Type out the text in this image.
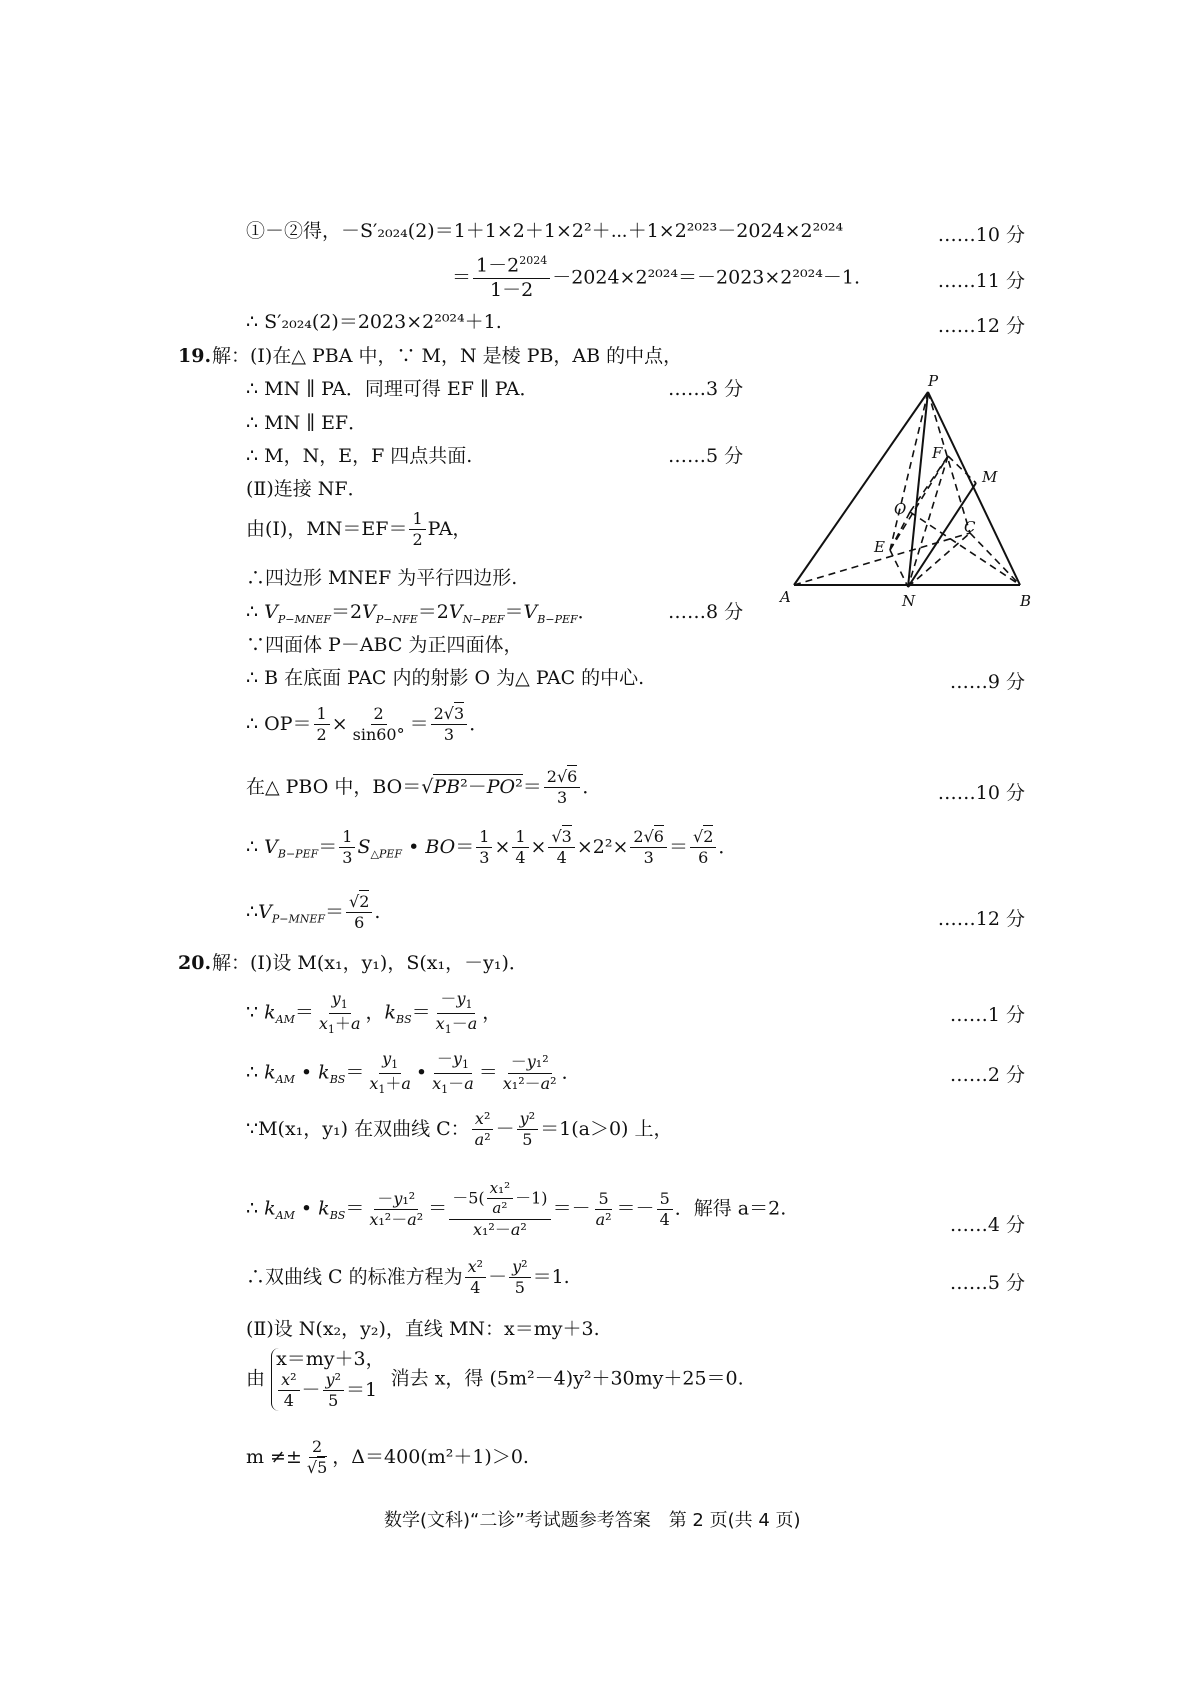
①－②得，－S′₂₀₂₄(2)＝1＋1×2＋1×2²＋⋯＋1×2²⁰²³－2024×2²⁰²⁴	……10 分
＝ $\frac{1-2^{2024}}{1-2} -2024\times 2^{2024}=-2023\times 2^{2024}-1$.	……11 分
∴ S′₂₀₂₄(2)＝2023×2²⁰²⁴＋1.	……12 分
19. 解：(Ⅰ)在△ PBA 中，∵ M，N 是棱 PB，AB 的中点，
∴ MN ∥ PA．同理可得 EF ∥ PA．	……3 分
∴ MN ∥ EF．
∴ M，N，E，F 四点共面.	……5 分
(Ⅱ)连接 NF．
由(Ⅰ)，$MN=EF= \frac{1}{2}$ PA，
∴四边形 MNEF 为平行四边形.
∴ $V_{P-MNEF}=2V_{P-NFE}=2V_{N-PEF}=V_{B-PEF}$．	……8 分
∵四面体 P－ABC 为正四面体，
∴ B 在底面 PAC 内的射影 O 为△ PAC 的中心.	……9 分
∴ $OP= \frac{1}{2} \times \frac{2}{\sin 60^\circ} = \frac{2√3}{3}$ ．
在△ PBO 中，$BO=√PB^2-PO^2= \frac{2√6}{3}$ ．	……10 分
∴ $V_{B-PEF}= \frac{1}{3} S_{\triangle PEF}$ • $BO= \frac{1}{3} \times \frac{1}{4} \times \frac{√3}{4} \times 2^2\times \frac{2√6}{3} = \frac{√2}{6}$ ．
$\therefore V_{P-MNEF}= \frac{√2}{6}$ .	……12 分
P
F
M
O
C
E
A	N	B
20. 解：(Ⅰ)设 M(x₁，y₁)，S(x₁，－y₁)．
∵ $k_{AM}= \frac{y_1}{x_1+a}$ ，$k_{BS}= \frac{-y_1}{x_1-a}$ ，	……1 分
∴ $k_{AM}$ • $k_{BS}= \frac{y_1}{x_1+a}$ • $\frac{-y_1}{x_1-a} = \frac{\text{－y₁²}}{\text{x₁²－a²}}$ ．	……2 分
∵M(x₁，y₁) 在双曲线 C： $\frac{\text{x²}}{\text{a²}} - \frac{\text{y²}}{5} =1(a>0)$ 上，
∴ $k_{AM}$ • $k_{BS}= \frac{\text{－y₁²}}{\text{x₁²－a²}} = \frac{-5( \frac{\text{x₁²}}{\text{a²}} -1)}{\text{x₁²－a²}} =- \frac{5}{\text{a²}} =- \frac{5}{4}$ ．解得 a＝2.
……4 分
∴双曲线 C 的标准方程为 $\frac{\text{x²}}{4} - \frac{\text{y²}}{5} =1$.	……5 分
(Ⅱ)设 N(x₂，y₂)，直线 MN：x＝my＋3.
由
x＝my＋3，
$\frac{\text{x²}}{4} - \frac{\text{y²}}{5} =1$
消去 x，得 (5m²－4)y²＋30my＋25＝0.
$m \ne\pm \frac{2}{√5}$ ，Δ＝400(m²＋1)＞0.
数学(文科)“二诊”考试题参考答案　第 2 页(共 4 页)
